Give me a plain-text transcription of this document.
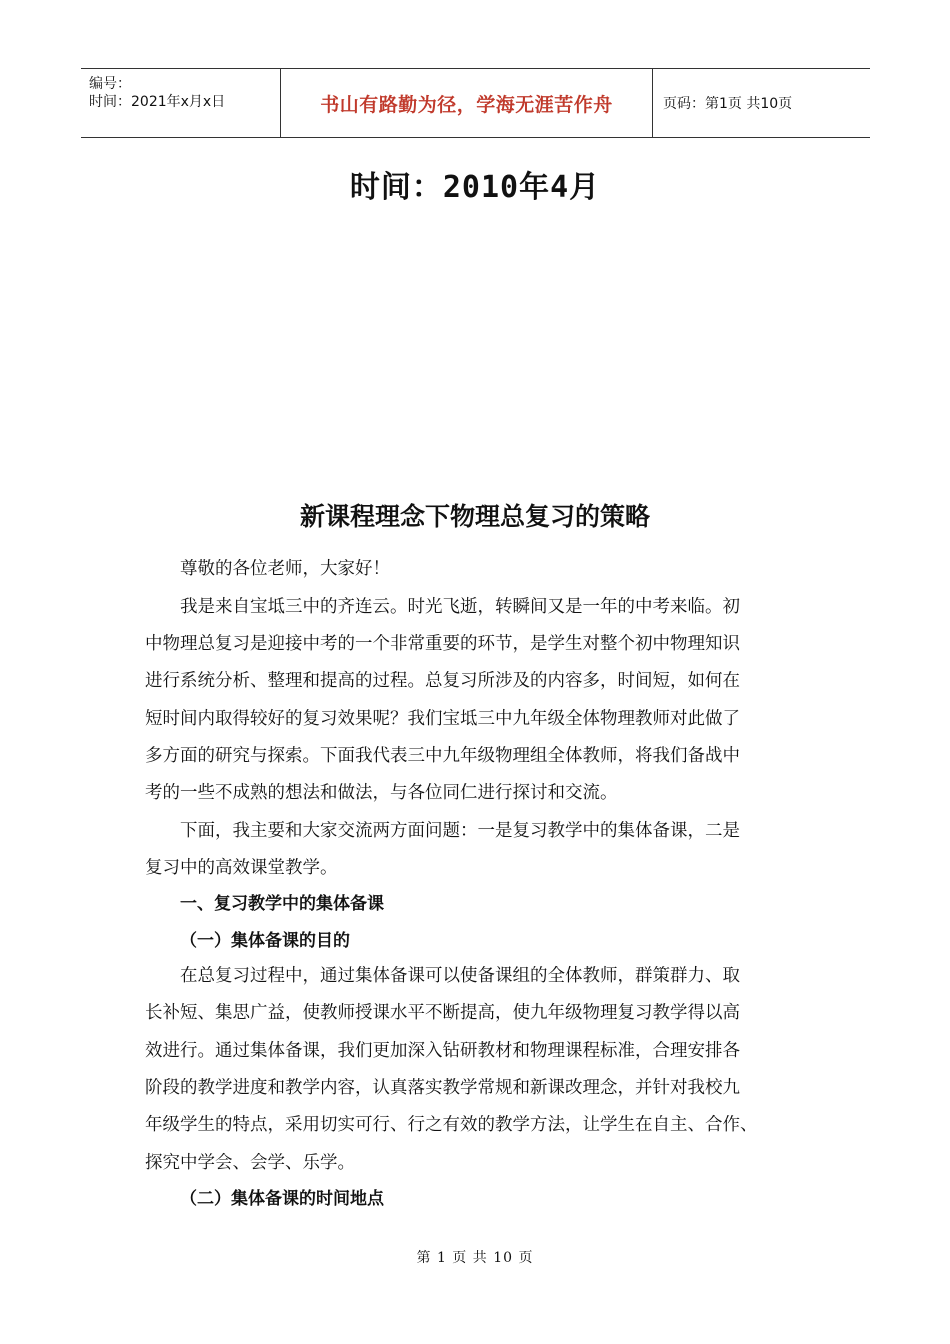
编号：
时间：2021年x月x日	书山有路勤为径，学海无涯苦作舟	页码：第1页 共10页
时间：2010年4月
新课程理念下物理总复习的策略
尊敬的各位老师，大家好！
我是来自宝坻三中的齐连云。时光飞逝，转瞬间又是一年的中考来临。初
中物理总复习是迎接中考的一个非常重要的环节，是学生对整个初中物理知识
进行系统分析、整理和提高的过程。总复习所涉及的内容多，时间短，如何在
短时间内取得较好的复习效果呢？我们宝坻三中九年级全体物理教师对此做了
多方面的研究与探索。下面我代表三中九年级物理组全体教师，将我们备战中
考的一些不成熟的想法和做法，与各位同仁进行探讨和交流。
下面，我主要和大家交流两方面问题：一是复习教学中的集体备课，二是
复习中的高效课堂教学。
一、复习教学中的集体备课
（一）集体备课的目的
在总复习过程中，通过集体备课可以使备课组的全体教师，群策群力、取
长补短、集思广益，使教师授课水平不断提高，使九年级物理复习教学得以高
效进行。通过集体备课，我们更加深入钻研教材和物理课程标准，合理安排各
阶段的教学进度和教学内容，认真落实教学常规和新课改理念，并针对我校九
年级学生的特点，采用切实可行、行之有效的教学方法，让学生在自主、合作、
探究中学会、会学、乐学。
（二）集体备课的时间地点
第 1 页 共 10 页
